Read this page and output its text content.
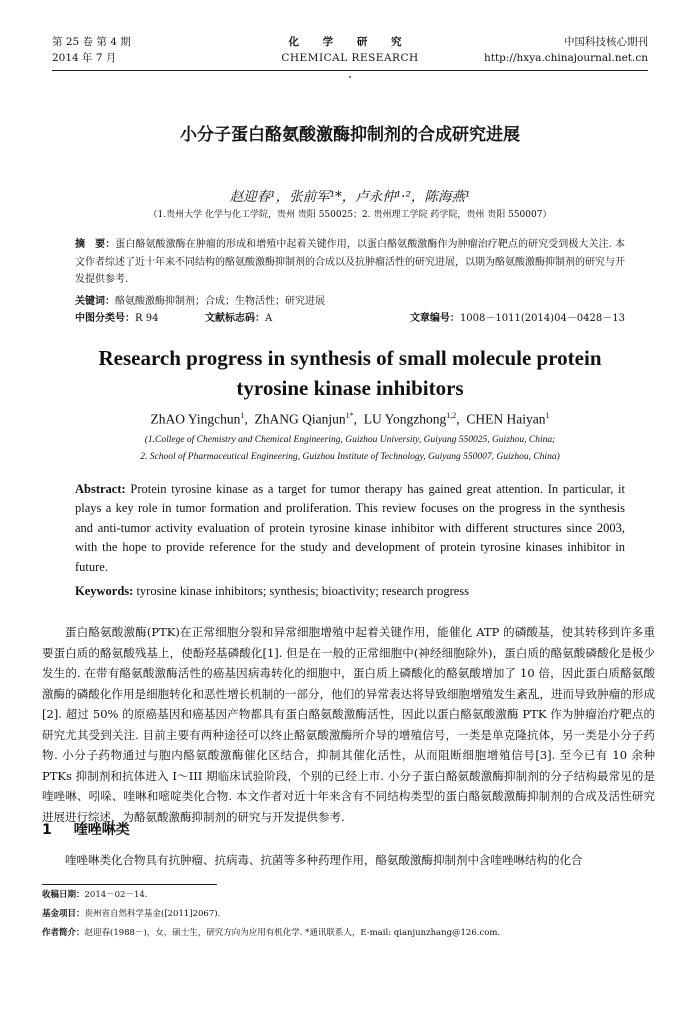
第 25 卷 第 4 期
2014 年 7 月
化 学 研 究
CHEMICAL RESEARCH
中国科技核心期刊
http://hxya.chinajournal.net.cn
小分子蛋白酪氨酸激酶抑制剂的合成研究进展
赵迎春¹，张前军¹*，卢永仲¹·²，陈海燕¹
（1.贵州大学 化学与化工学院，贵州 贵阳 550025；2. 贵州理工学院 药学院，贵州 贵阳 550007）
摘　要：蛋白酪氨酸激酶在肿瘤的形成和增殖中起着关键作用，以蛋白酪氨酸激酶作为肿瘤治疗靶点的研究受到极大关注. 本文作者综述了近十年来不同结构的酪氨酸激酶抑制剂的合成以及抗肿瘤活性的研究进展，以期为酪氨酸激酶抑制剂的研究与开发提供参考.
关键词：酪氨酸激酶抑制剂；合成；生物活性；研究进展
中图分类号：R 94	文献标志码：A	文章编号：1008－1011(2014)04－0428－13
Research progress in synthesis of small molecule protein tyrosine kinase inhibitors
ZhAO Yingchun$^1$,  ZhANG Qianjun$^{1*}$,  LU Yongzhong$^{1,2}$,  CHEN Haiyan$^1$
(1.College of Chemistry and Chemical Engineering, Guizhou University, Guiyang 550025, Guizhou, China;
2. School of Pharmaceutical Engineering, Guizhou Institute of Technology, Guiyang 550007, Guizhou, China)
Abstract: Protein tyrosine kinase as a target for tumor therapy has gained great attention. In particular, it plays a key role in tumor formation and proliferation. This review focuses on the progress in the synthesis and anti-tumor activity evaluation of protein tyrosine kinase inhibitor with different structures since 2003, with the hope to provide reference for the study and development of protein tyrosine kinases inhibitor in future.
Keywords: tyrosine kinase inhibitors; synthesis; bioactivity; research progress
蛋白酪氨酸激酶(PTK)在正常细胞分裂和异常细胞增殖中起着关键作用，能催化 ATP 的磷酸基，使其转移到许多重要蛋白质的酪氨酸残基上，使酚羟基磷酸化[1]. 但是在一般的正常细胞中(神经细胞除外)，蛋白质的酪氨酸磷酸化是极少发生的. 在带有酪氨酸激酶活性的癌基因病毒转化的细胞中，蛋白质上磷酸化的酪氨酸增加了 10 倍，因此蛋白质酪氨酸激酶的磷酸化作用是细胞转化和恶性增长机制的一部分，他们的异常表达将导致细胞增殖发生紊乱，进而导致肿瘤的形成[2]. 超过 50% 的原癌基因和癌基因产物都具有蛋白酪氨酸激酶活性，因此以蛋白酪氨酸激酶 PTK 作为肿瘤治疗靶点的研究尤其受到关注. 目前主要有两种途径可以终止酪氨酸激酶所介导的增殖信号，一类是单克隆抗体，另一类是小分子药物. 小分子药物通过与胞内酪氨酸激酶催化区结合，抑制其催化活性，从而阻断细胞增殖信号[3]. 至今已有 10 余种 PTKs 抑制剂和抗体进入 I～III 期临床试验阶段，个别的已经上市. 小分子蛋白酪氨酸激酶抑制剂的分子结构最常见的是喹唑啉、吲哚、喹啉和嘧啶类化合物. 本文作者对近十年来含有不同结构类型的蛋白酪氨酸激酶抑制剂的合成及活性研究进展进行综述，为酪氨酸激酶抑制剂的研究与开发提供参考.
1 喹唑啉类
喹唑啉类化合物具有抗肿瘤、抗病毒、抗菌等多种药理作用，酪氨酸激酶抑制剂中含喹唑啉结构的化合
收稿日期：2014－02－14.
基金项目：贵州省自然科学基金([2011]2067).
作者简介：赵迎春(1988－)，女，硕士生，研究方向为应用有机化学. *通讯联系人，E-mail: qianjunzhang@126.com.
